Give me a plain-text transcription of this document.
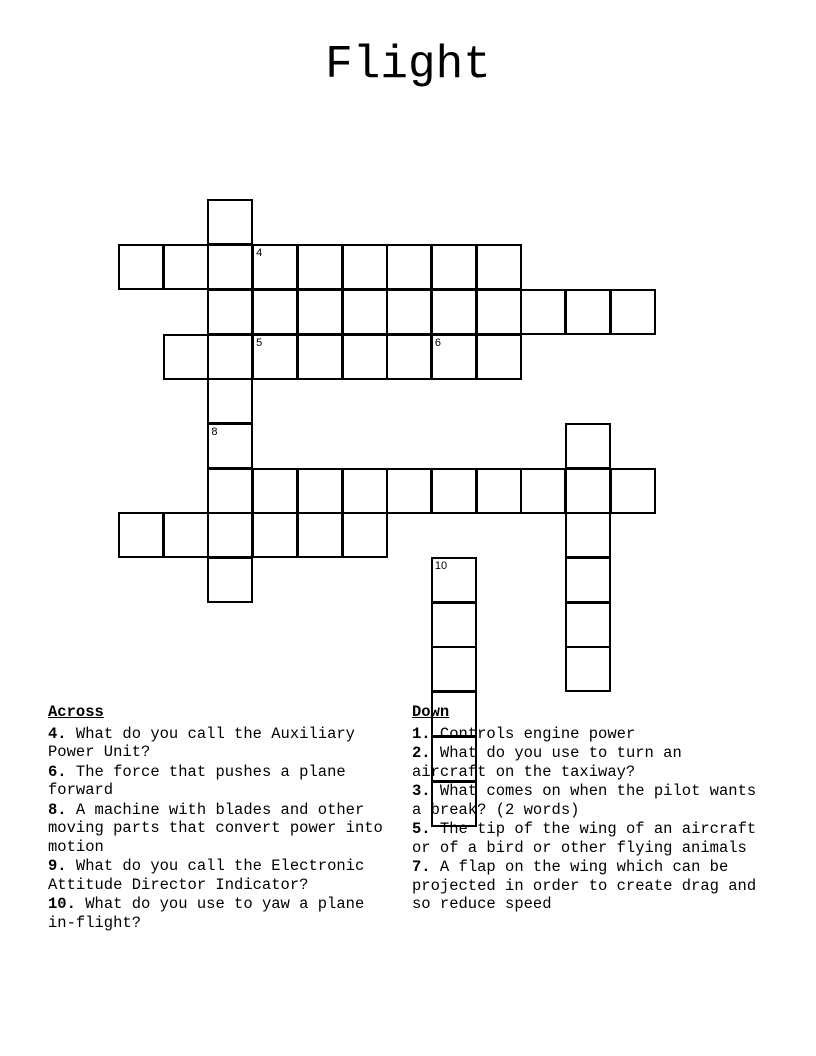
Flight
8
4
5	6
10
Across
4. What do you call the Auxiliary Power Unit?
6. The force that pushes a plane forward
8. A machine with blades and other moving parts that convert power into motion
9. What do you call the Electronic Attitude Director Indicator?
10. What do you use to yaw a plane in-flight?
Down
1. Controls engine power
2. What do you use to turn an aircraft on the taxiway?
3. What comes on when the pilot wants a break? (2 words)
5. The tip of the wing of an aircraft or of a bird or other flying animals
7. A flap on the wing which can be projected in order to create drag and so reduce speed
